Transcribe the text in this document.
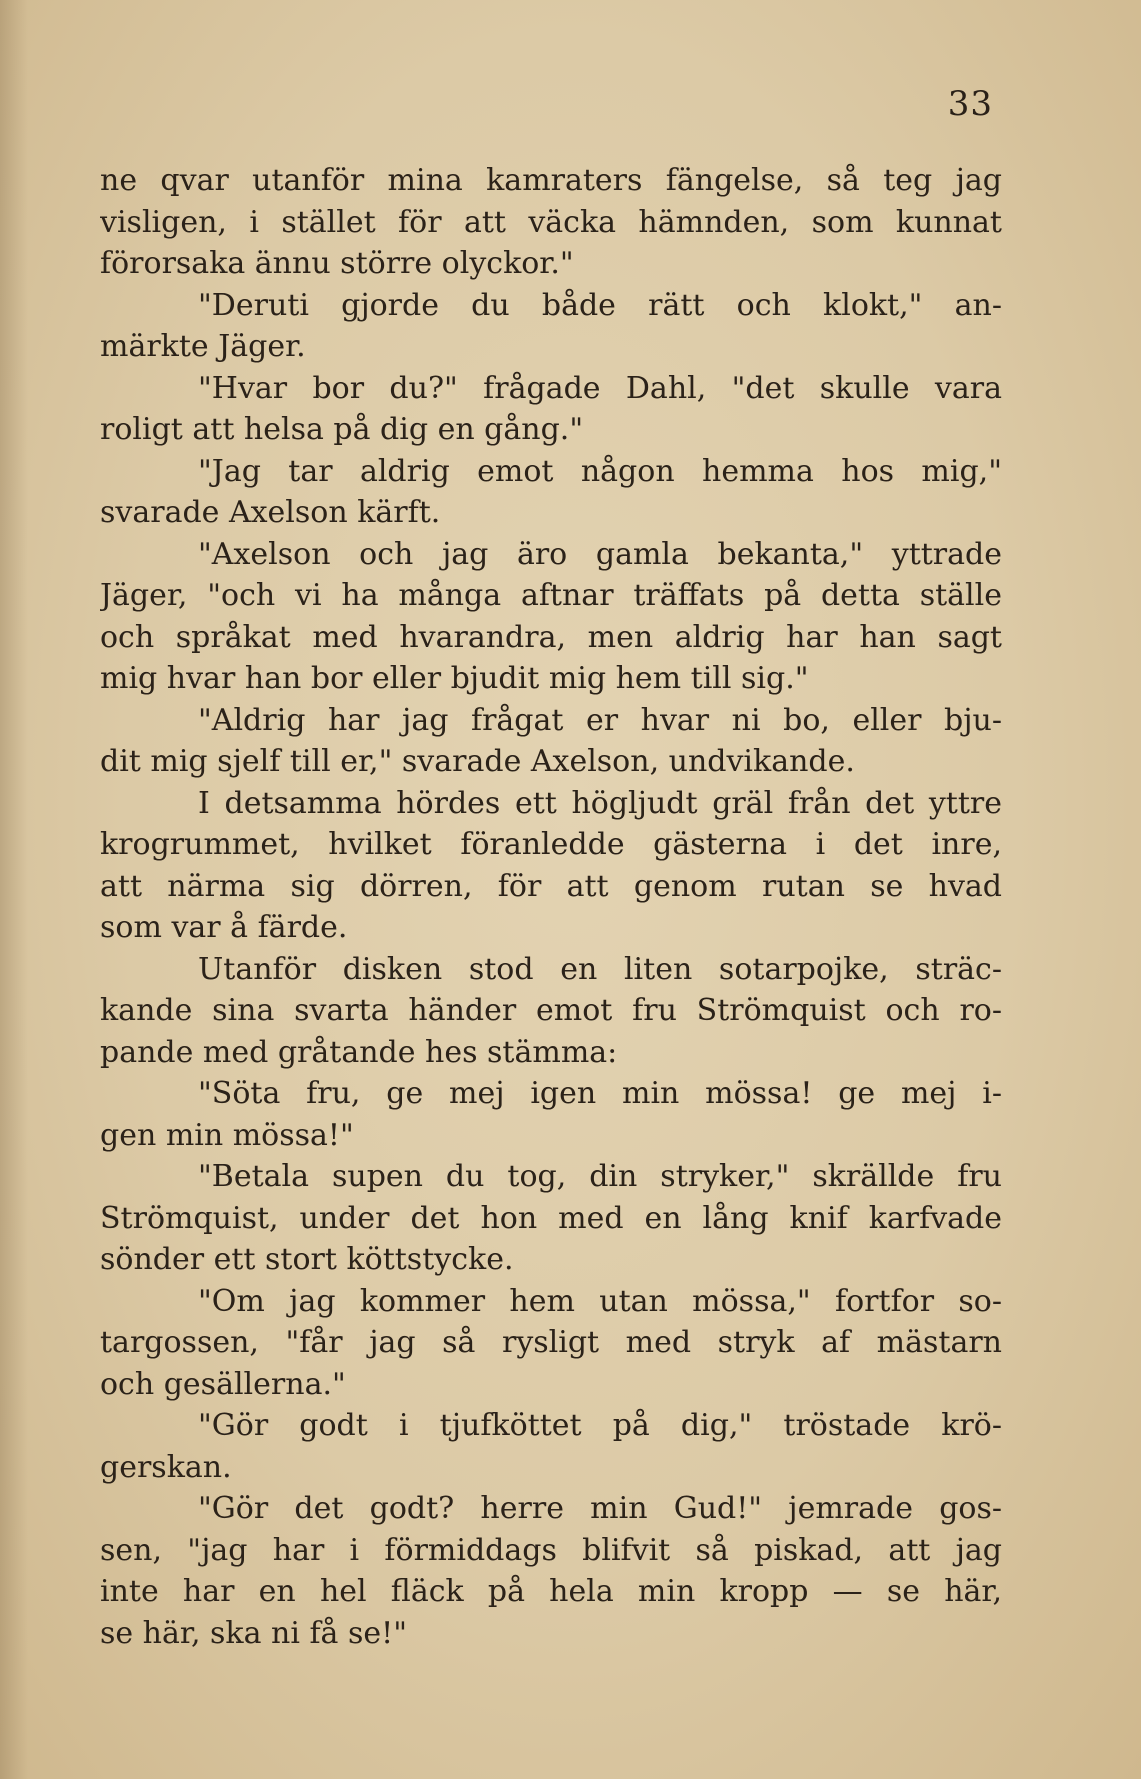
33
ne qvar utanför mina kamraters fängelse, så teg jag
visligen, i stället för att väcka hämnden, som kunnat
förorsaka ännu större olyckor."
"Deruti gjorde du både rätt och klokt," an-
märkte Jäger.
"Hvar bor du?" frågade Dahl, "det skulle vara
roligt att helsa på dig en gång."
"Jag tar aldrig emot någon hemma hos mig,"
svarade Axelson kärft.
"Axelson och jag äro gamla bekanta," yttrade
Jäger, "och vi ha många aftnar träffats på detta ställe
och språkat med hvarandra, men aldrig har han sagt
mig hvar han bor eller bjudit mig hem till sig."
"Aldrig har jag frågat er hvar ni bo, eller bju-
dit mig sjelf till er," svarade Axelson, undvikande.
I detsamma hördes ett högljudt gräl från det yttre
krogrummet, hvilket föranledde gästerna i det inre,
att närma sig dörren, för att genom rutan se hvad
som var å färde.
Utanför disken stod en liten sotarpojke, sträc-
kande sina svarta händer emot fru Strömquist och ro-
pande med gråtande hes stämma:
"Söta fru, ge mej igen min mössa! ge mej i-
gen min mössa!"
"Betala supen du tog, din stryker," skrällde fru
Strömquist, under det hon med en lång knif karfvade
sönder ett stort köttstycke.
"Om jag kommer hem utan mössa," fortfor so-
targossen, "får jag så rysligt med stryk af mästarn
och gesällerna."
"Gör godt i tjufköttet på dig," tröstade krö-
gerskan.
"Gör det godt? herre min Gud!" jemrade gos-
sen, "jag har i förmiddags blifvit så piskad, att jag
inte har en hel fläck på hela min kropp — se här,
se här, ska ni få se!"
